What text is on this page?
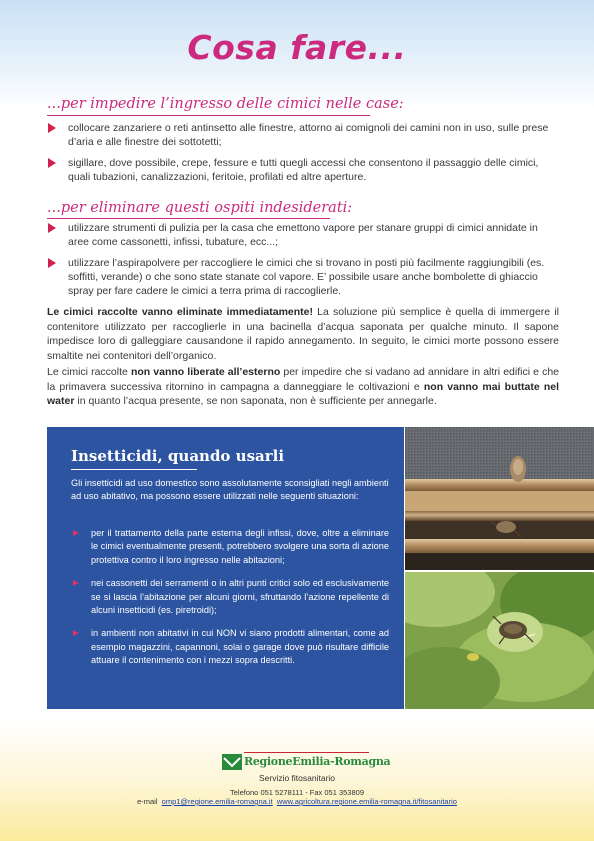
Cosa fare...
...per impedire l’ingresso delle cimici nelle case:
collocare zanzariere o reti antinsetto alle finestre, attorno ai comignoli dei camini non in uso, sulle prese d’aria e alle finestre dei sottotetti;
sigillare, dove possibile, crepe, fessure e tutti quegli accessi che consentono il passaggio delle cimici, quali tubazioni, canalizzazioni, feritoie, profilati ed altre aperture.
...per eliminare questi ospiti indesiderati:
utilizzare strumenti di pulizia per la casa che emettono vapore per stanare gruppi di cimici annidate in aree come cassonetti, infissi, tubature, ecc...;
utilizzare l’aspirapolvere per raccogliere le cimici che si trovano in posti più facilmente raggiungibili (es. soffitti, verande) o che sono state stanate col vapore. E’ possibile usare anche bombolette di ghiaccio spray per fare cadere le cimici a terra prima di raccoglierle.

Le cimici raccolte vanno eliminate immediatamente! La soluzione più semplice è quella di immergere il contenitore utilizzato per raccoglierle in una bacinella d’acqua saponata per qualche minuto. Il sapone impedisce loro di galleggiare causandone il rapido annegamento. In seguito, le cimici morte possono essere smaltite nei contenitori dell’organico.

Le cimici raccolte non vanno liberate all’esterno per impedire che si vadano ad annidare in altri edifici e che la primavera successiva ritornino in campagna a danneggiare le coltivazioni e non vanno mai buttate nel water in quanto l’acqua presente, se non saponata, non è sufficiente per annegarle.

Insetticidi, quando usarli
Gli insetticidi ad uso domestico sono assolutamente sconsigliati negli ambienti ad uso abitativo, ma possono essere utilizzati nelle seguenti situazioni:
per il trattamento della parte esterna degli infissi, dove, oltre a eliminare le cimici eventualmente presenti, potrebbero svolgere una sorta di azione protettiva contro il loro ingresso nelle abitazioni;
nei cassonetti dei serramenti o in altri punti critici solo ed esclusivamente se si lascia l’abitazione per alcuni giorni, sfruttando l’azione repellente di alcuni insetticidi (es. piretroidi);
in ambienti non abitativi in cui NON vi siano prodotti alimentari, come ad esempio magazzini, capannoni, solai o garage dove può risultare difficile attuare il contenimento con i mezzi sopra descritti.
RegioneEmilia-Romagna
Servizio fitosanitario
Telefono 051 5278111 - Fax 051 353809
e-mail omp1@regione.emilia-romagna.it www.agricoltura.regione.emilia-romagna.it/fitosanitario
